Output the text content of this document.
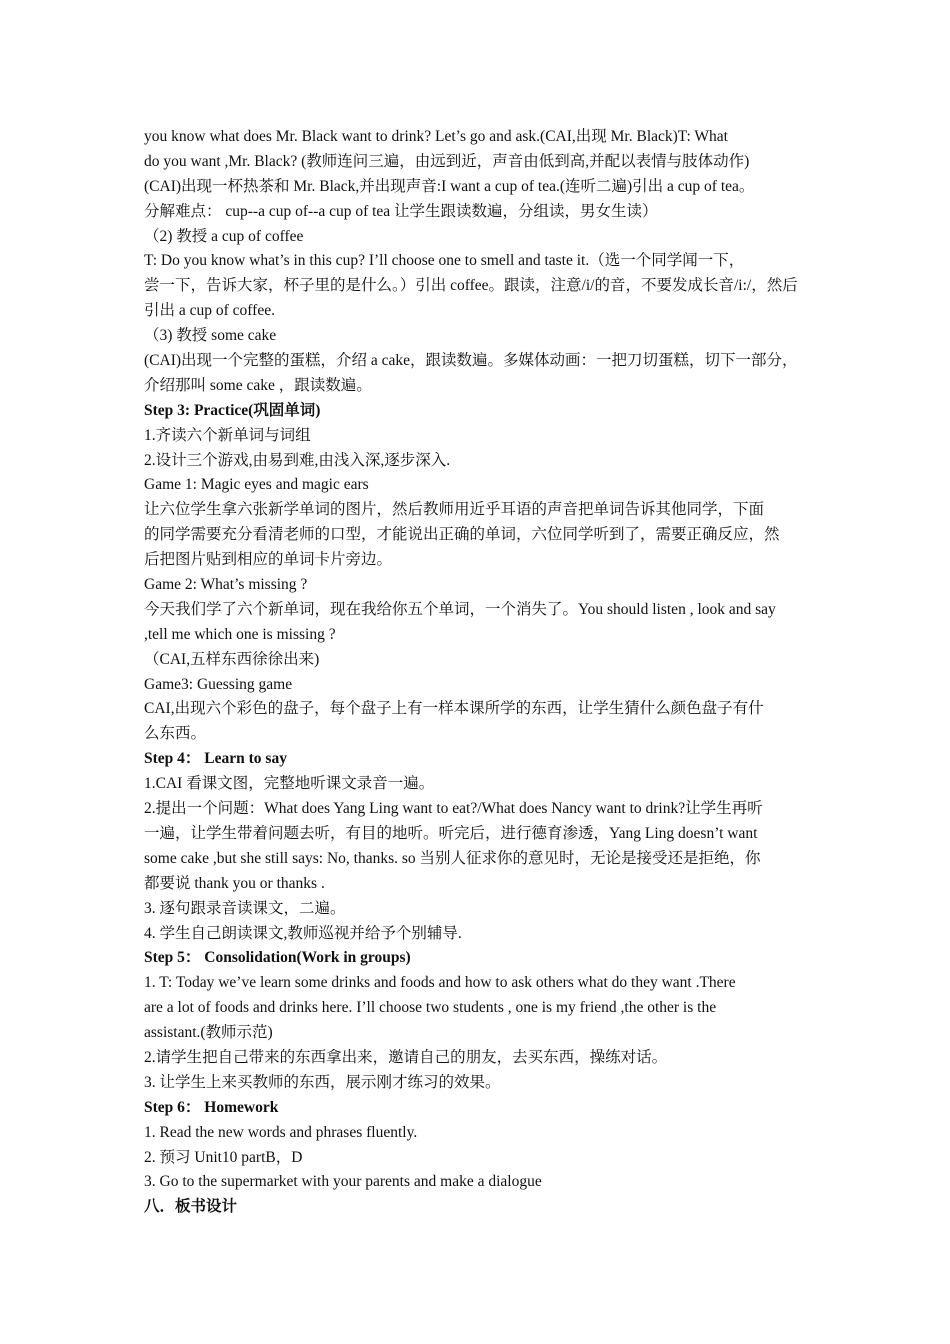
you know what does Mr. Black want to drink? Let’s go and ask.(CAI,出现 Mr. Black)T: What
do you want ,Mr. Black? (教师连问三遍，由远到近，声音由低到高,并配以表情与肢体动作)
(CAI)出现一杯热茶和 Mr. Black,并出现声音:I want a cup of tea.(连听二遍)引出 a cup of tea。
分解难点： cup--a cup of--a cup of tea 让学生跟读数遍，分组读，男女生读）
（2) 教授 a cup of coffee
T: Do you know what’s in this cup? I’ll choose one to smell and taste it.（选一个同学闻一下，
尝一下，告诉大家，杯子里的是什么。）引出 coffee。跟读，注意/i/的音，不要发成长音/i:/，然后
引出 a cup of coffee.
（3) 教授 some cake
(CAI)出现一个完整的蛋糕，介绍 a cake，跟读数遍。多媒体动画：一把刀切蛋糕，切下一部分，
介绍那叫 some cake ，跟读数遍。
Step 3: Practice(巩固单词)
1.齐读六个新单词与词组
2.设计三个游戏,由易到难,由浅入深,逐步深入.
Game 1: Magic eyes and magic ears
让六位学生拿六张新学单词的图片，然后教师用近乎耳语的声音把单词告诉其他同学，下面
的同学需要充分看清老师的口型，才能说出正确的单词，六位同学听到了，需要正确反应，然
后把图片贴到相应的单词卡片旁边。
Game 2: What’s missing ?
今天我们学了六个新单词，现在我给你五个单词，一个消失了。You should listen , look and say
,tell me which one is missing ?
（CAI,五样东西徐徐出来)
Game3: Guessing game
CAI,出现六个彩色的盘子，每个盘子上有一样本课所学的东西，让学生猜什么颜色盘子有什
么东西。
Step 4： Learn to say
1.CAI 看课文图，完整地听课文录音一遍。
2.提出一个问题：What does Yang Ling want to eat?/What does Nancy want to drink?让学生再听
一遍，让学生带着问题去听，有目的地听。听完后，进行德育渗透，Yang Ling doesn’t want
some cake ,but she still says: No, thanks. so 当别人征求你的意见时，无论是接受还是拒绝，你
都要说 thank you or thanks .
3. 逐句跟录音读课文，二遍。
4. 学生自己朗读课文,教师巡视并给予个别辅导.
Step 5： Consolidation(Work in groups)
1. T: Today we’ve learn some drinks and foods and how to ask others what do they want .There
are a lot of foods and drinks here. I’ll choose two students , one is my friend ,the other is the
assistant.(教师示范)
2.请学生把自己带来的东西拿出来，邀请自己的朋友，去买东西，操练对话。
3. 让学生上来买教师的东西，展示刚才练习的效果。
Step 6： Homework
1. Read the new words and phrases fluently.
2. 预习 Unit10 partB，D
3. Go to the supermarket with your parents and make a dialogue
八．板书设计
